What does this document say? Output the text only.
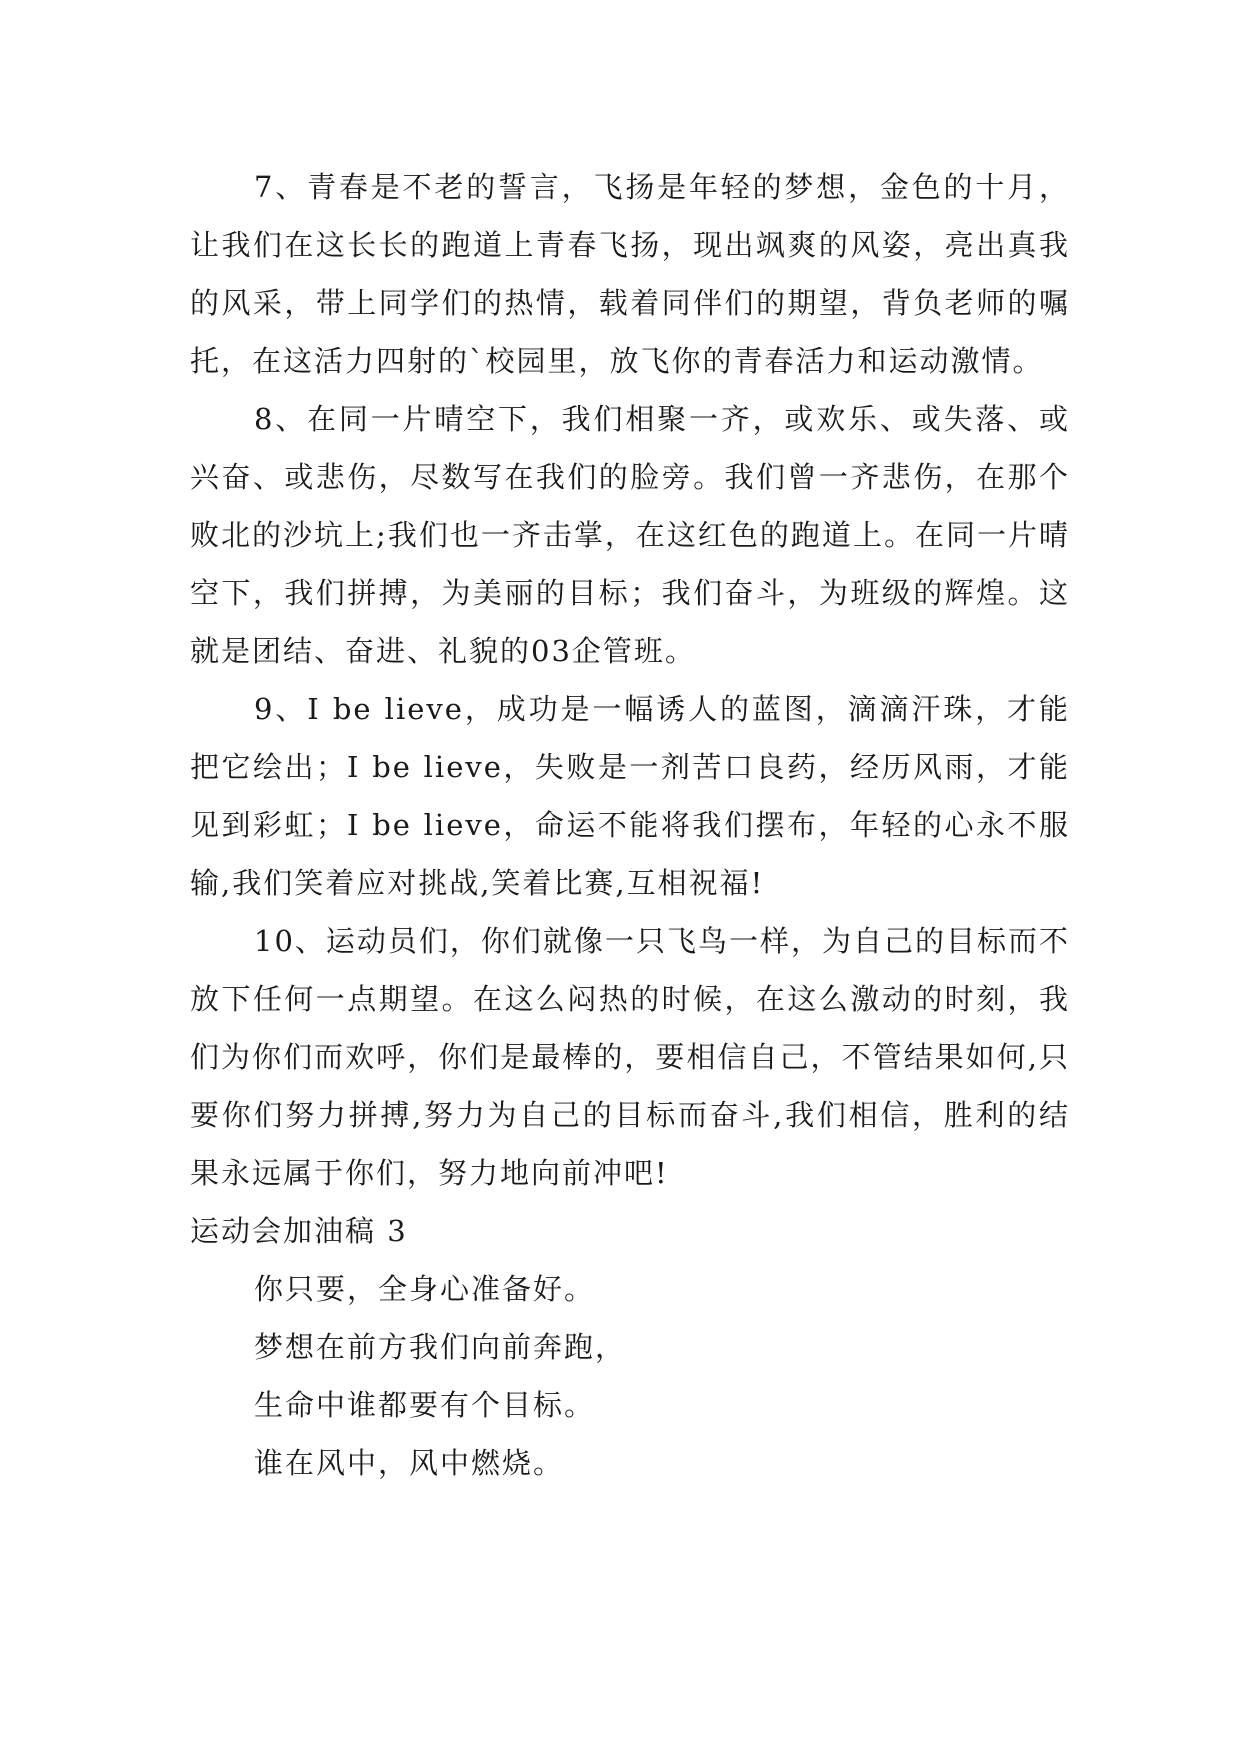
7、青春是不老的誓言，飞扬是年轻的梦想，金色的十月，让我们在这长长的跑道上青春飞扬，现出飒爽的风姿，亮出真我的风采，带上同学们的热情，载着同伴们的期望，背负老师的嘱托，在这活力四射的`校园里，放飞你的青春活力和运动激情。

8、在同一片晴空下，我们相聚一齐，或欢乐、或失落、或兴奋、或悲伤，尽数写在我们的脸旁。我们曾一齐悲伤，在那个败北的沙坑上;我们也一齐击掌，在这红色的跑道上。在同一片晴空下，我们拼搏，为美丽的目标；我们奋斗，为班级的辉煌。这就是团结、奋进、礼貌的03企管班。

9、I be lieve，成功是一幅诱人的蓝图，滴滴汗珠，才能把它绘出；I be lieve，失败是一剂苦口良药，经历风雨，才能见到彩虹；I be lieve，命运不能将我们摆布，年轻的心永不服输,我们笑着应对挑战,笑着比赛,互相祝福!

10、运动员们，你们就像一只飞鸟一样，为自己的目标而不放下任何一点期望。在这么闷热的时候，在这么激动的时刻，我们为你们而欢呼，你们是最棒的，要相信自己，不管结果如何,只要你们努力拼搏,努力为自己的目标而奋斗,我们相信，胜利的结果永远属于你们，努力地向前冲吧!

运动会加油稿 3

你只要，全身心准备好。

梦想在前方我们向前奔跑，

生命中谁都要有个目标。

谁在风中，风中燃烧。
